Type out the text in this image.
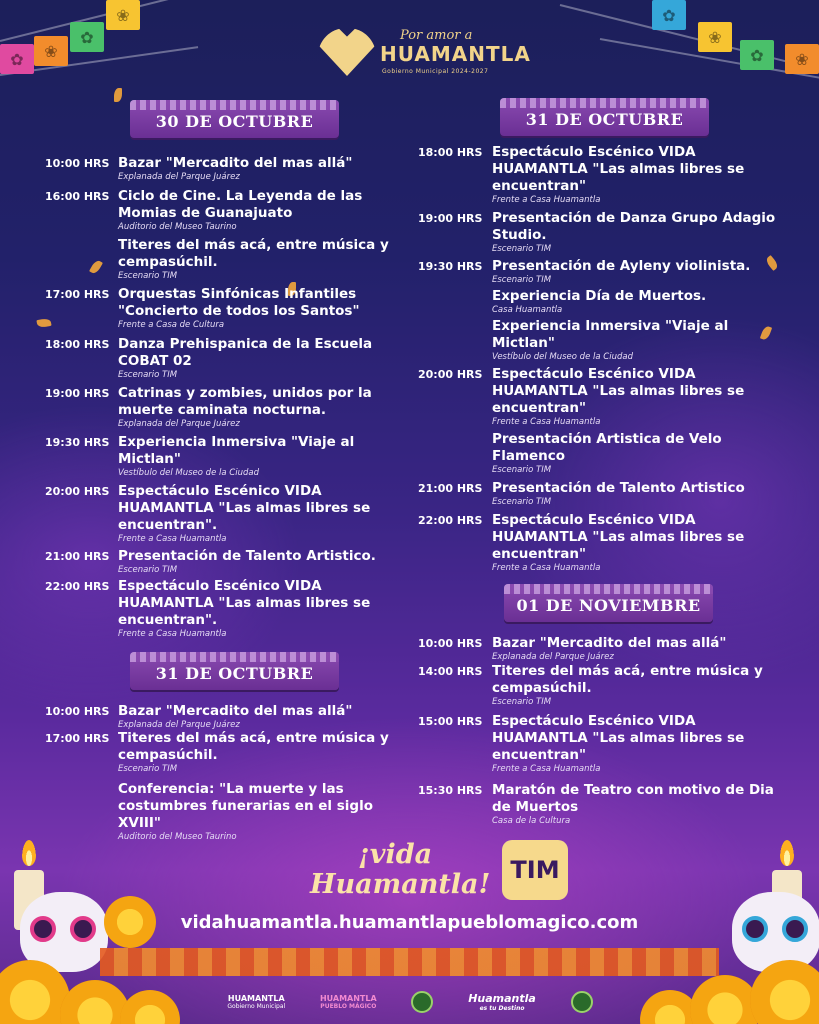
✿	❀
✿
❀	✿
❀
✿	❀
Por amor a
HUAMANTLA
Gobierno Municipal 2024-2027
30 DE OCTUBRE	31 DE OCTUBRE
31 DE OCTUBRE
01 DE NOVIEMBRE
10:00 HRS Bazar "Mercadito del mas allá"
Explanada del Parque Juárez
16:00 HRS Ciclo de Cine. La Leyenda de las Momias de Guanajuato
Auditorio del Museo Taurino
Titeres del más acá, entre música y cempasúchil.
Escenario TIM
17:00 HRS Orquestas Sinfónicas Infantiles "Concierto de todos los Santos"
Frente a Casa de Cultura
18:00 HRS Danza Prehispanica de la Escuela COBAT 02
Escenario TIM
19:00 HRS Catrinas y zombies, unidos por la muerte caminata nocturna.
Explanada del Parque Juárez
19:30 HRS Experiencia Inmersiva "Viaje al Mictlan"
Vestíbulo del Museo de la Ciudad
20:00 HRS Espectáculo Escénico VIDA HUAMANTLA "Las almas libres se encuentran".
Frente a Casa Huamantla
21:00 HRS Presentación de Talento Artistico.
Escenario TIM
22:00 HRS Espectáculo Escénico VIDA HUAMANTLA "Las almas libres se encuentran".
Frente a Casa Huamantla
10:00 HRS Bazar "Mercadito del mas allá"
Explanada del Parque Juárez
17:00 HRS Titeres del más acá, entre música y cempasúchil.
Escenario TIM
Conferencia: "La muerte y las costumbres funerarias en el siglo XVIII"
Auditorio del Museo Taurino
18:00 HRS Espectáculo Escénico VIDA HUAMANTLA "Las almas libres se encuentran"
Frente a Casa Huamantla
19:00 HRS Presentación de Danza Grupo Adagio Studio.
Escenario TIM
19:30 HRS Presentación de Ayleny violinista.
Escenario TIM
Experiencia Día de Muertos.
Casa Huamantla
Experiencia Inmersiva "Viaje al Mictlan"
Vestíbulo del Museo de la Ciudad
20:00 HRS Espectáculo Escénico VIDA HUAMANTLA "Las almas libres se encuentran"
Frente a Casa Huamantla
Presentación Artistica de Velo Flamenco
Escenario TIM
21:00 HRS Presentación de Talento Artistico
Escenario TIM
22:00 HRS Espectáculo Escénico VIDA HUAMANTLA "Las almas libres se encuentran"
Frente a Casa Huamantla
10:00 HRS Bazar "Mercadito del mas allá"
Explanada del Parque Juárez
14:00 HRS Titeres del más acá, entre música y cempasúchil.
Escenario TIM
15:00 HRS Espectáculo Escénico VIDA HUAMANTLA "Las almas libres se encuentran"
Frente a Casa Huamantla
15:30 HRS Maratón de Teatro con motivo de Dia de Muertos
Casa de la Cultura
¡vida
Huamantla! TIM
vidahuamantla.huamantlapueblomagico.com
HUAMANTLA
Gobierno Municipal
HUAMANTLA
PUEBLO MÁGICO
Huamantla
es tu Destino
